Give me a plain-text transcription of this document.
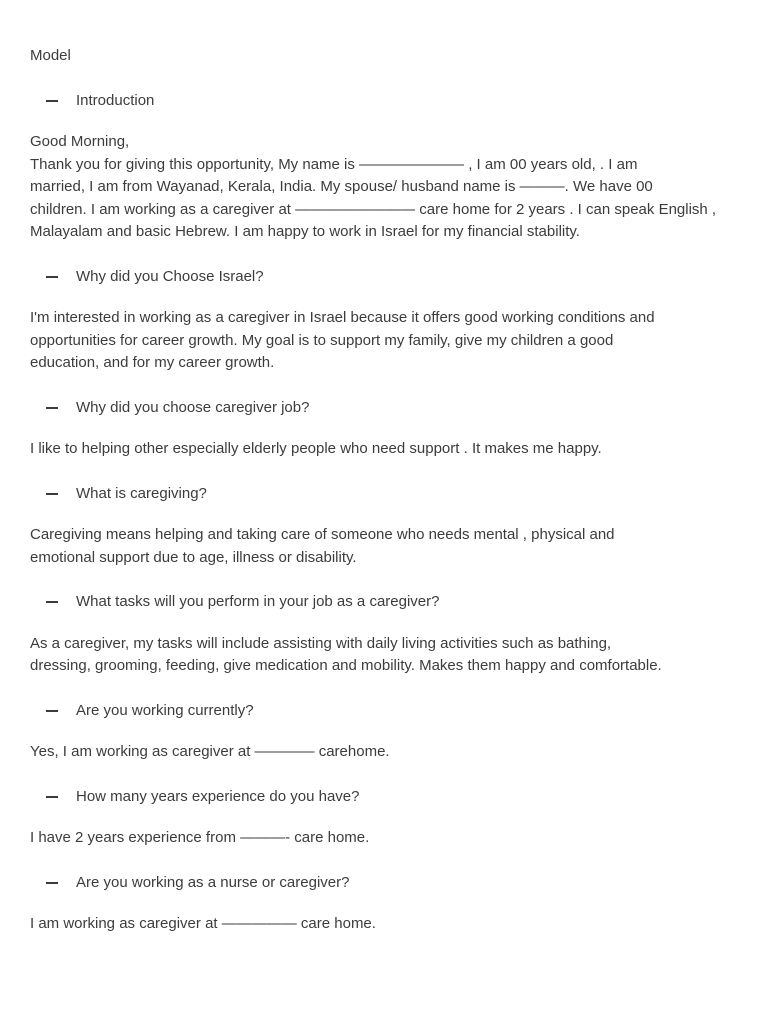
Model
Introduction
Good Morning,
Thank you for giving this opportunity, My name is ——————— , I am 00 years old, . I am
married, I am from Wayanad, Kerala, India. My spouse/ husband name is ———. We have 00
children. I am working as a caregiver at ———————— care home for 2 years . I can speak English ,
Malayalam and basic Hebrew. I am happy to work in Israel for my financial stability.
Why did you Choose Israel?
I'm interested in working as a caregiver in Israel because it offers good working conditions and
opportunities for career growth. My goal is to support my family, give my children a good
education, and for my career growth.
Why did you choose caregiver job?
I like to helping other especially elderly people who need support . It makes me happy.
What is caregiving?
Caregiving means helping and taking care of someone who needs mental , physical and
emotional support due to age, illness or disability.
What tasks will you perform in your job as a caregiver?
As a caregiver, my tasks will include assisting with daily living activities such as bathing,
dressing, grooming, feeding, give medication and mobility. Makes them happy and comfortable.
Are you working currently?
Yes, I am working as caregiver at ———— carehome.
How many years experience do you have?
I have 2 years experience from ———- care home.
Are you working as a nurse or caregiver?
I am working as caregiver at ————— care home.
